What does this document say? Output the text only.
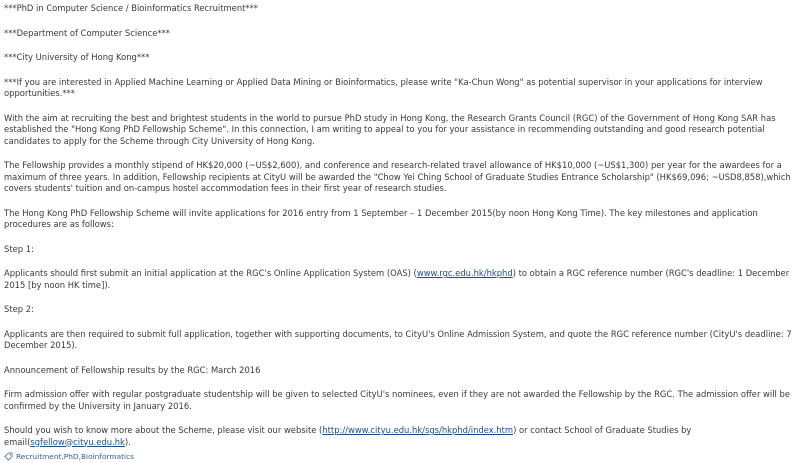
***PhD in Computer Science / Bioinformatics Recruitment***

***Department of Computer Science***

***City University of Hong Kong***

***If you are interested in Applied Machine Learning or Applied Data Mining or Bioinformatics, please write "Ka-Chun Wong" as potential supervisor in your applications for interview opportunities.***

With the aim at recruiting the best and brightest students in the world to pursue PhD study in Hong Kong, the Research Grants Council (RGC) of the Government of Hong Kong SAR has established the "Hong Kong PhD Fellowship Scheme". In this connection, I am writing to appeal to you for your assistance in recommending outstanding and good research potential candidates to apply for the Scheme through City University of Hong Kong.

The Fellowship provides a monthly stipend of HK$20,000 (~US$2,600), and conference and research-related travel allowance of HK$10,000 (~US$1,300) per year for the awardees for a maximum of three years. In addition, Fellowship recipients at CityU will be awarded the "Chow Yei Ching School of Graduate Studies Entrance Scholarship" (HK$69,096; ~USD8,858),which covers students' tuition and on-campus hostel accommodation fees in their first year of research studies.

The Hong Kong PhD Fellowship Scheme will invite applications for 2016 entry from 1 September – 1 December 2015(by noon Hong Kong Time). The key milestones and application procedures are as follows:

Step 1:

Applicants should first submit an initial application at the RGC's Online Application System (OAS) (www.rgc.edu.hk/hkphd) to obtain a RGC reference number (RGC's deadline: 1 December 2015 [by noon HK time]).

Step 2:

Applicants are then required to submit full application, together with supporting documents, to CityU's Online Admission System, and quote the RGC reference number (CityU's deadline: 7 December 2015).

Announcement of Fellowship results by the RGC: March 2016

Firm admission offer with regular postgraduate studentship will be given to selected CityU's nominees, even if they are not awarded the Fellowship by the RGC. The admission offer will be confirmed by the University in January 2016.

Should you wish to know more about the Scheme, please visit our website (http://www.cityu.edu.hk/sgs/hkphd/index.htm) or contact School of Graduate Studies by email(sgfellow@cityu.edu.hk).

Recruitment , PhD , Bioinformatics
